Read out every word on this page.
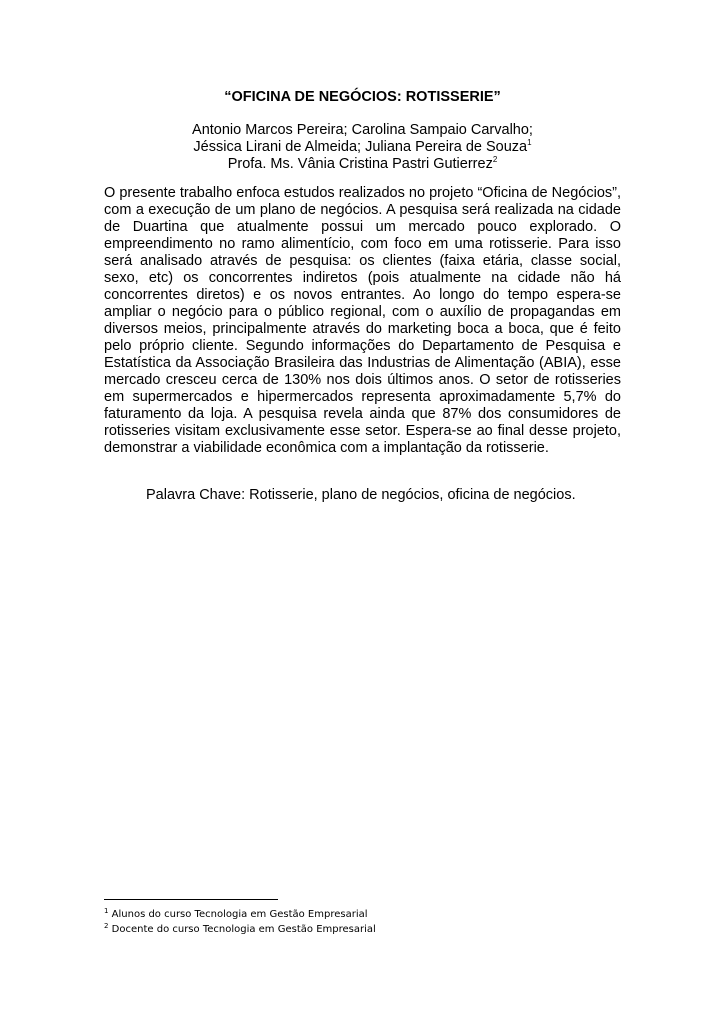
“OFICINA DE NEGÓCIOS: ROTISSERIE”
Antonio Marcos Pereira; Carolina Sampaio Carvalho;
Jéssica Lirani de Almeida; Juliana Pereira de Souza$^1$
Profa. Ms. Vânia Cristina Pastri Gutierrez$^2$

O presente trabalho enfoca estudos realizados no projeto “Oficina de Negócios”, com a execução de um plano de negócios. A pesquisa será realizada na cidade de Duartina que atualmente possui um mercado pouco explorado. O empreendimento no ramo alimentício, com foco em uma rotisserie. Para isso será analisado através de pesquisa: os clientes (faixa etária, classe social, sexo, etc) os concorrentes indiretos (pois atualmente na cidade não há concorrentes diretos) e os novos entrantes. Ao longo do tempo espera-se ampliar o negócio para o público regional, com o auxílio de propagandas em diversos meios, principalmente através do marketing boca a boca, que é feito pelo próprio cliente. Segundo informações do Departamento de Pesquisa e Estatística da Associação Brasileira das Industrias de Alimentação (ABIA), esse mercado cresceu cerca de 130% nos dois últimos anos. O setor de rotisseries em supermercados e hipermercados representa aproximadamente 5,7% do faturamento da loja. A pesquisa revela ainda que 87% dos consumidores de rotisseries visitam exclusivamente esse setor. Espera-se ao final desse projeto, demonstrar a viabilidade econômica com a implantação da rotisserie.

Palavra Chave: Rotisserie, plano de negócios, oficina de negócios.

$^1$ Alunos do curso Tecnologia em Gestão Empresarial
$^2$ Docente do curso Tecnologia em Gestão Empresarial
